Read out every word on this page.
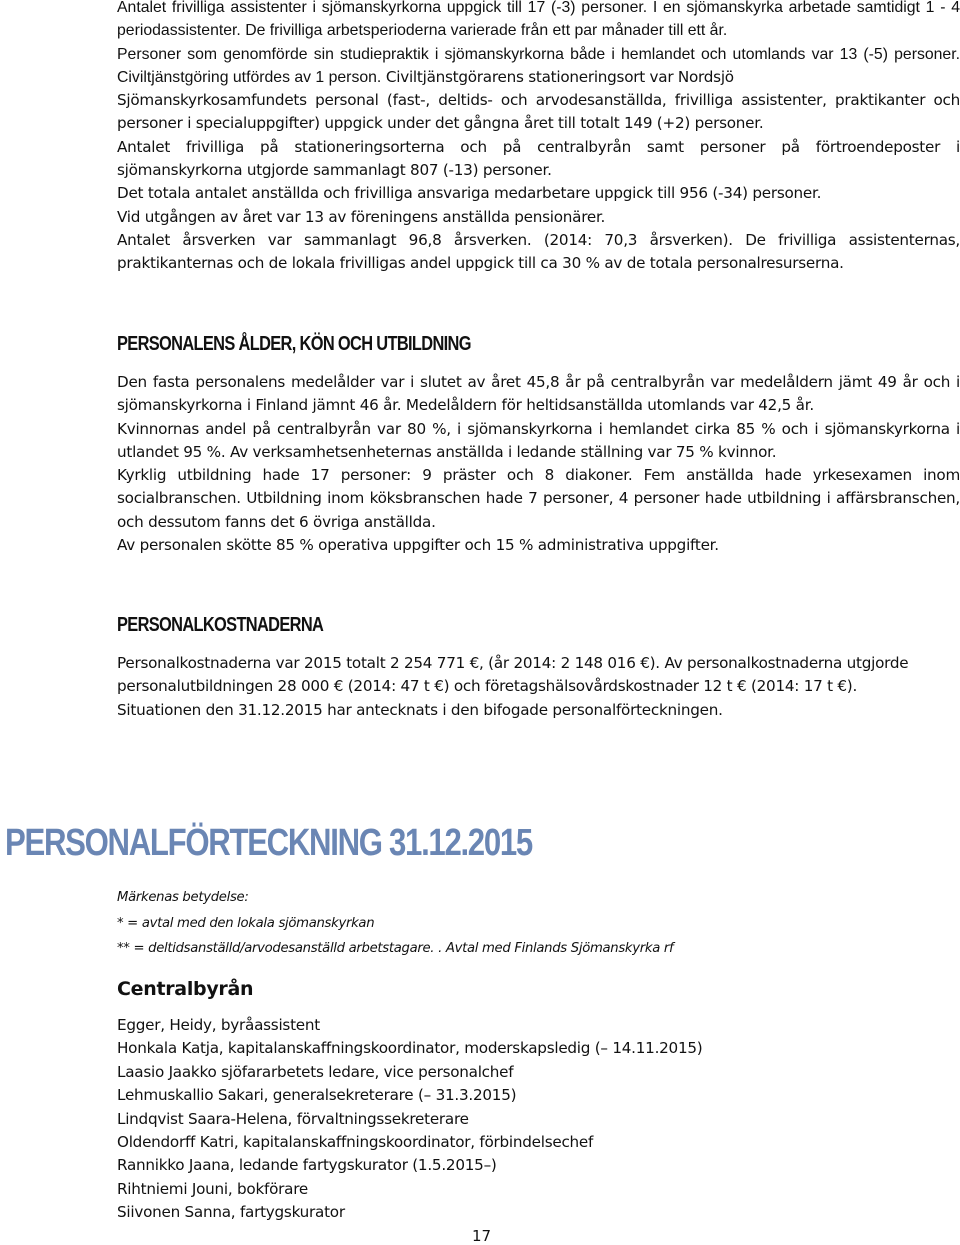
Antalet frivilliga assistenter i sjömanskyrkorna uppgick till 17 (-3) personer. I en sjömanskyrka arbetade samtidigt 1 - 4 periodassistenter. De frivilliga arbetsperioderna varierade från ett par månader till ett år.

Personer som genomförde sin studiepraktik i sjömanskyrkorna både i hemlandet och utomlands var 13 (-5) personer. Civiltjänstgöring utfördes av 1 person. Civiltjänstgörarens stationeringsort var Nordsjö

Sjömanskyrkosamfundets personal (fast-, deltids- och arvodesanställda, frivilliga assistenter, praktikanter och personer i specialuppgifter) uppgick under det gångna året till totalt 149 (+2) personer.

Antalet frivilliga på stationeringsorterna och på centralbyrån samt personer på förtroendeposter i sjömanskyrkorna utgjorde sammanlagt 807 (-13) personer.

Det totala antalet anställda och frivilliga ansvariga medarbetare uppgick till 956 (-34) personer.

Vid utgången av året var 13 av föreningens anställda pensionärer.

Antalet årsverken var sammanlagt 96,8 årsverken. (2014: 70,3 årsverken). De frivilliga assistenternas, praktikanternas och de lokala frivilligas andel uppgick till ca 30 % av de totala personalresurserna.

PERSONALENS ÅLDER, KÖN OCH UTBILDNING

Den fasta personalens medelålder var i slutet av året 45,8 år på centralbyrån var medelåldern jämt 49 år och i sjömanskyrkorna i Finland jämnt 46 år. Medelåldern för heltidsanställda utomlands var 42,5 år.

Kvinnornas andel på centralbyrån var 80 %, i sjömanskyrkorna i hemlandet cirka 85 % och i sjömanskyrkorna i utlandet 95 %. Av verksamhetsenheternas anställda i ledande ställning var 75 % kvinnor.

Kyrklig utbildning hade 17 personer: 9 präster och 8 diakoner. Fem anställda hade yrkesexamen inom socialbranschen. Utbildning inom köksbranschen hade 7 personer, 4 personer hade utbildning i affärsbranschen, och dessutom fanns det 6 övriga anställda.

Av personalen skötte 85 % operativa uppgifter och 15 % administrativa uppgifter.

PERSONALKOSTNADERNA

Personalkostnaderna var 2015 totalt 2 254 771 €, (år 2014: 2 148 016 €). Av personalkostnaderna utgjorde personalutbildningen 28 000 € (2014: 47 t €) och företagshälsovårdskostnader 12 t € (2014: 17 t €).

Situationen den 31.12.2015 har antecknats i den bifogade personalförteckningen.

Märkenas betydelse:

* = avtal med den lokala sjömanskyrkan

** = deltidsanställd/arvodesanställd arbetstagare. . Avtal med Finlands Sjömanskyrka rf

Centralbyrån

Egger, Heidy, byråassistent
Honkala Katja, kapitalanskaffningskoordinator, moderskapsledig (– 14.11.2015)
Laasio Jaakko sjöfararbetets ledare, vice personalchef
Lehmuskallio Sakari, generalsekreterare (– 31.3.2015)
Lindqvist Saara-Helena, förvaltningssekreterare
Oldendorff Katri, kapitalanskaffningskoordinator, förbindelsechef
Rannikko Jaana, ledande fartygskurator (1.5.2015–)
Rihtniemi Jouni, bokförare
Siivonen Sanna, fartygskurator
PERSONALFÖRTECKNING 31.12.2015
17
